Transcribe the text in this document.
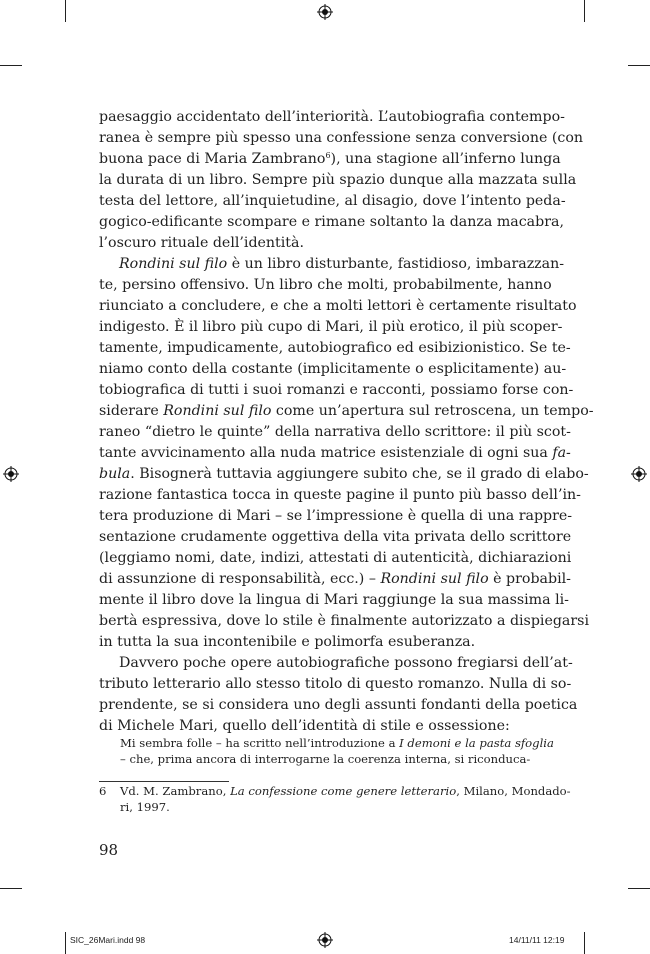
paesaggio accidentato dell’interiorità. L’autobiografia contempo-
ranea è sempre più spesso una confessione senza conversione (con
buona pace di Maria Zambrano$^6$), una stagione all’inferno lunga
la durata di un libro. Sempre più spazio dunque alla mazzata sulla
testa del lettore, all’inquietudine, al disagio, dove l’intento peda-
gogico-edificante scompare e rimane soltanto la danza macabra,
l’oscuro rituale dell’identità.
Rondini sul filo è un libro disturbante, fastidioso, imbarazzan-
te, persino offensivo. Un libro che molti, probabilmente, hanno
riunciato a concludere, e che a molti lettori è certamente risultato
indigesto. È il libro più cupo di Mari, il più erotico, il più scoper-
tamente, impudicamente, autobiografico ed esibizionistico. Se te-
niamo conto della costante (implicitamente o esplicitamente) au-
tobiografica di tutti i suoi romanzi e racconti, possiamo forse con-
siderare Rondini sul filo come un’apertura sul retroscena, un tempo-
raneo “dietro le quinte” della narrativa dello scrittore: il più scot-
tante avvicinamento alla nuda matrice esistenziale di ogni sua fa-
bula. Bisognerà tuttavia aggiungere subito che, se il grado di elabo-
razione fantastica tocca in queste pagine il punto più basso dell’in-
tera produzione di Mari – se l’impressione è quella di una rappre-
sentazione crudamente oggettiva della vita privata dello scrittore
(leggiamo nomi, date, indizi, attestati di autenticità, dichiarazioni
di assunzione di responsabilità, ecc.) – Rondini sul filo è probabil-
mente il libro dove la lingua di Mari raggiunge la sua massima li-
bertà espressiva, dove lo stile è finalmente autorizzato a dispiegarsi
in tutta la sua incontenibile e polimorfa esuberanza.
Davvero poche opere autobiografiche possono fregiarsi dell’at-
tributo letterario allo stesso titolo di questo romanzo. Nulla di so-
prendente, se si considera uno degli assunti fondanti della poetica
di Michele Mari, quello dell’identità di stile e ossessione:
Mi sembra folle – ha scritto nell’introduzione a I demoni e la pasta sfoglia
– che, prima ancora di interrogarne la coerenza interna, si riconduca-
6 Vd. M. Zambrano, La confessione come genere letterario, Milano, Mondado-
ri, 1997.
98
SIC_26Mari.indd 98	14/11/11 12:19
